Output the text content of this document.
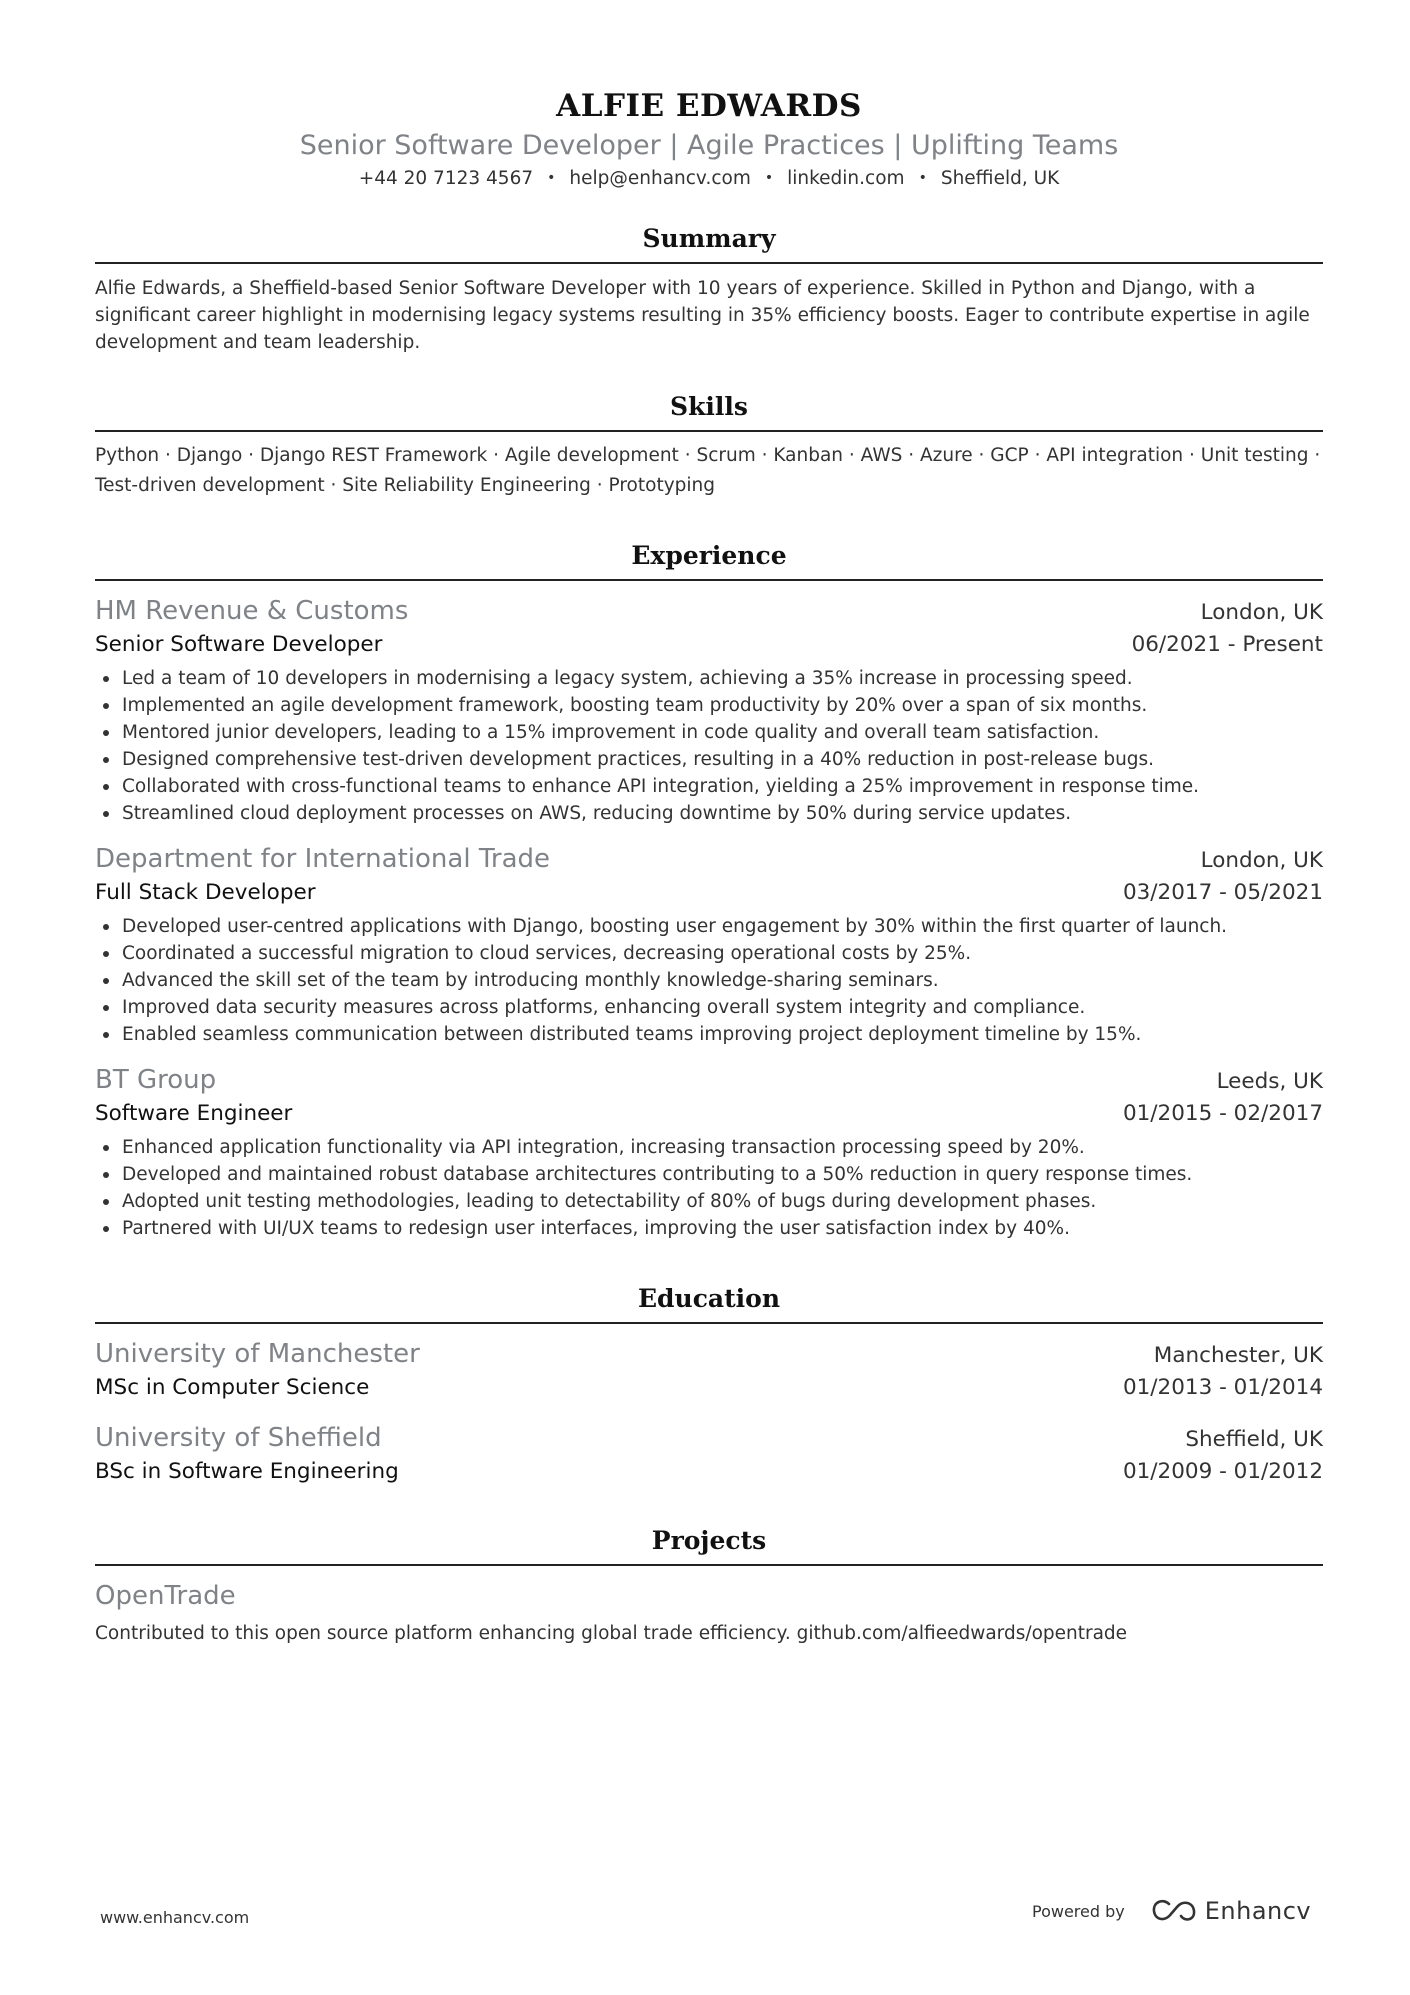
ALFIE EDWARDS
Senior Software Developer | Agile Practices | Uplifting Teams
+44 20 7123 4567 • help@enhancv.com • linkedin.com • Sheffield, UK
Summary
Alfie Edwards, a Sheffield-based Senior Software Developer with 10 years of experience. Skilled in Python and Django, with a significant career highlight in modernising legacy systems resulting in 35% efficiency boosts. Eager to contribute expertise in agile development and team leadership.
Skills
Python · Django · Django REST Framework · Agile development · Scrum · Kanban · AWS · Azure · GCP · API integration · Unit testing · Test-driven development · Site Reliability Engineering · Prototyping
Experience
HM Revenue & Customs	London, UK
Senior Software Developer	06/2021 - Present
Led a team of 10 developers in modernising a legacy system, achieving a 35% increase in processing speed.
Implemented an agile development framework, boosting team productivity by 20% over a span of six months.
Mentored junior developers, leading to a 15% improvement in code quality and overall team satisfaction.
Designed comprehensive test-driven development practices, resulting in a 40% reduction in post-release bugs.
Collaborated with cross-functional teams to enhance API integration, yielding a 25% improvement in response time.
Streamlined cloud deployment processes on AWS, reducing downtime by 50% during service updates.
Department for International Trade	London, UK
Full Stack Developer	03/2017 - 05/2021
Developed user-centred applications with Django, boosting user engagement by 30% within the first quarter of launch.
Coordinated a successful migration to cloud services, decreasing operational costs by 25%.
Advanced the skill set of the team by introducing monthly knowledge-sharing seminars.
Improved data security measures across platforms, enhancing overall system integrity and compliance.
Enabled seamless communication between distributed teams improving project deployment timeline by 15%.
BT Group	Leeds, UK
Software Engineer	01/2015 - 02/2017
Enhanced application functionality via API integration, increasing transaction processing speed by 20%.
Developed and maintained robust database architectures contributing to a 50% reduction in query response times.
Adopted unit testing methodologies, leading to detectability of 80% of bugs during development phases.
Partnered with UI/UX teams to redesign user interfaces, improving the user satisfaction index by 40%.
Education
University of Manchester	Manchester, UK
MSc in Computer Science	01/2013 - 01/2014
University of Sheffield	Sheffield, UK
BSc in Software Engineering	01/2009 - 01/2012
Projects
OpenTrade
Contributed to this open source platform enhancing global trade efficiency. github.com/alfieedwards/opentrade
www.enhancv.com	Powered by	Enhancv
